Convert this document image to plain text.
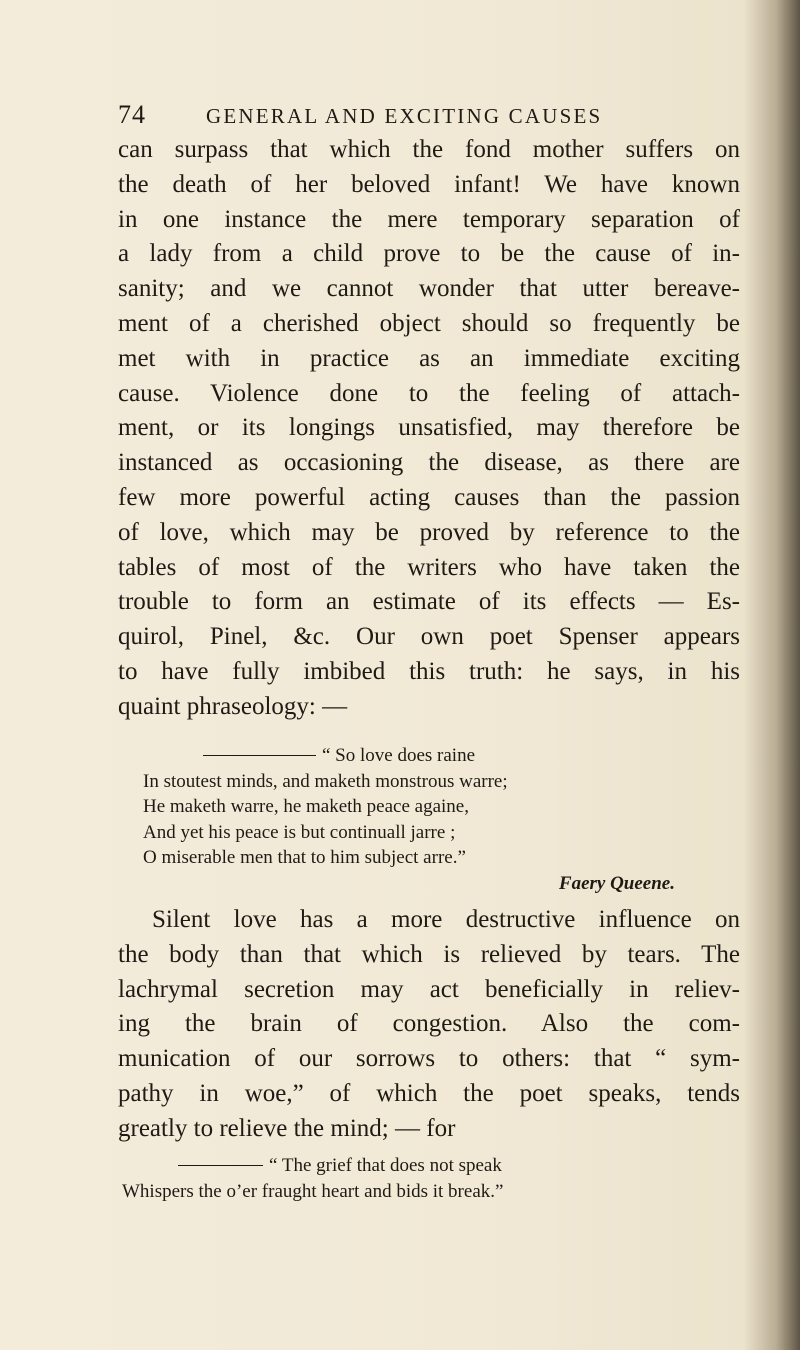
74	GENERAL AND EXCITING CAUSES
can surpass that which the fond mother suffers on
the death of her beloved infant! We have known
in one instance the mere temporary separation of
a lady from a child prove to be the cause of in-
sanity; and we cannot wonder that utter bereave-
ment of a cherished object should so frequently be
met with in practice as an immediate exciting
cause. Violence done to the feeling of attach-
ment, or its longings unsatisfied, may therefore be
instanced as occasioning the disease, as there are
few more powerful acting causes than the passion
of love, which may be proved by reference to the
tables of most of the writers who have taken the
trouble to form an estimate of its effects — Es-
quirol, Pinel, &c. Our own poet Spenser appears
to have fully imbibed this truth: he says, in his
quaint phraseology: —
“ So love does raine
In stoutest minds, and maketh monstrous warre;
He maketh warre, he maketh peace againe,
And yet his peace is but continuall jarre ;
O miserable men that to him subject arre.”
Faery Queene.
Silent love has a more destructive influence on
the body than that which is relieved by tears. The
lachrymal secretion may act beneficially in reliev-
ing the brain of congestion. Also the com-
munication of our sorrows to others: that “ sym-
pathy in woe,” of which the poet speaks, tends
greatly to relieve the mind; — for
“ The grief that does not speak
Whispers the o’er fraught heart and bids it break.”
